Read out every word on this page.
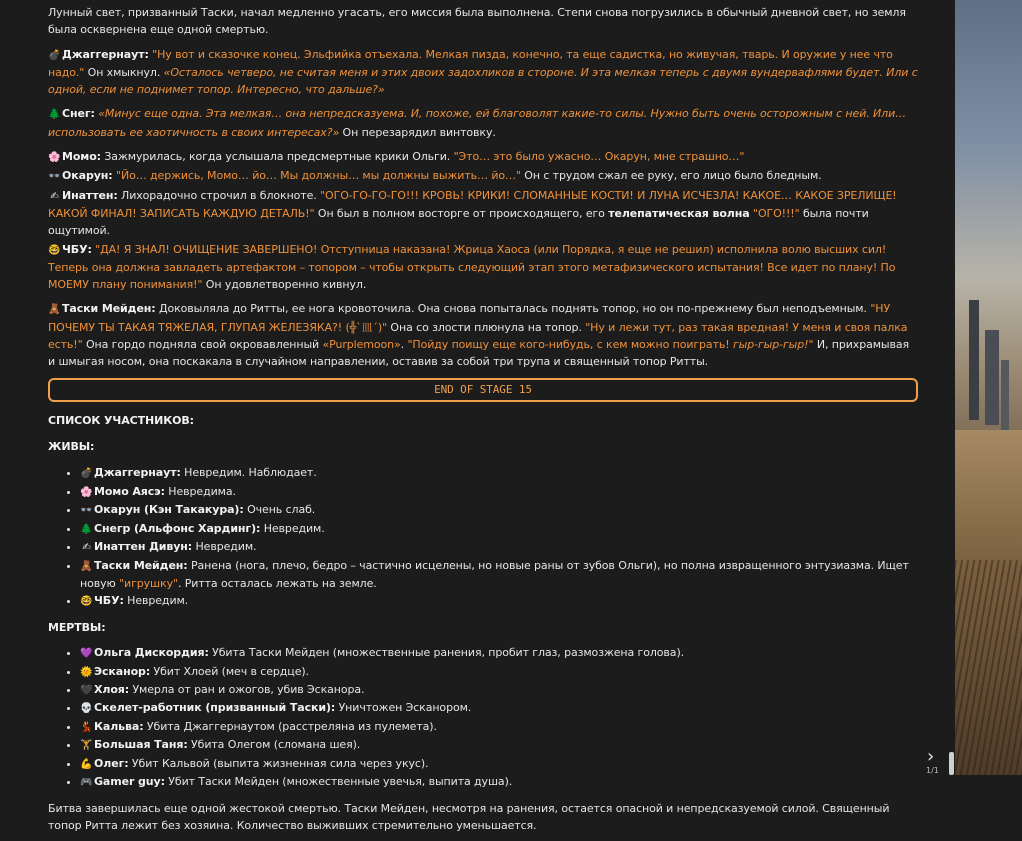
Лунный свет, призванный Таски, начал медленно угасать, его миссия была выполнена. Степи снова погрузились в обычный дневной свет, но земля была осквернена еще одной смертью.

💣Джаггернаут: "Ну вот и сказочке конец. Эльфийка отъехала. Мелкая пизда, конечно, та еще садистка, но живучая, тварь. И оружие у нее что надо." Он хмыкнул. «Осталось четверо, не считая меня и этих двоих задохликов в стороне. И эта мелкая теперь с двумя вундервафлями будет. Или с одной, если не поднимет топор. Интересно, что дальше?»

🌲Снег: «Минус еще одна. Эта мелкая… она непредсказуема. И, похоже, ей благоволят какие-то силы. Нужно быть очень осторожным с ней. Или… использовать ее хаотичность в своих интересах?» Он перезарядил винтовку.

🌸Момо: Зажмурилась, когда услышала предсмертные крики Ольги. "Это… это было ужасно… Окарун, мне страшно…"
👓Окарун: "Йо… держись, Момо… йо… Мы должны… мы должны выжить… йо…" Он с трудом сжал ее руку, его лицо было бледным.
✍ Инаттен: Лихорадочно строчил в блокноте. "ОГО-ГО-ГО-ГО!!! КРОВЬ! КРИКИ! СЛОМАННЫЕ КОСТИ! И ЛУНА ИСЧЕЗЛА! КАКОЕ… КАКОЕ ЗРЕЛИЩЕ! КАКОЙ ФИНАЛ! ЗАПИСАТЬ КАЖДУЮ ДЕТАЛЬ!" Он был в полном восторге от происходящего, его телепатическая волна "ОГО!!!" была почти ощутимой.

🤓ЧБУ: "ДА! Я ЗНАЛ! ОЧИЩЕНИЕ ЗАВЕРШЕНО! Отступница наказана! Жрица Хаоса (или Порядка, я еще не решил) исполнила волю высших сил! Теперь она должна завладеть артефактом – топором – чтобы открыть следующий этап этого метафизического испытания! Все идет по плану! По МОЕМУ плану понимания!" Он удовлетворенно кивнул.

🧸Таски Мейден: Доковыляла до Ритты, ее нога кровоточила. Она снова попыталась поднять топор, но он по-прежнему был неподъемным. "НУ ПОЧЕМУ ТЫ ТАКАЯ ТЯЖЕЛАЯ, ГЛУПАЯ ЖЕЛЕЗЯКА?! (╬`皿´)" Она со злости плюнула на топор. "Ну и лежи тут, раз такая вредная! У меня и своя палка есть!" Она гордо подняла свой окровавленный «Purplemoon». "Пойду поищу еще кого-нибудь, с кем можно поиграть! гыр-гыр-гыр!" И, прихрамывая и шмыгая носом, она поскакала в случайном направлении, оставив за собой три трупа и священный топор Ритты.

END OF STAGE 15
СПИСОК УЧАСТНИКОВ:
ЖИВЫ:
• 💣Джаггернаут: Невредим. Наблюдает.
• 🌸Момо Аясэ: Невредима.
• 👓Окарун (Кэн Такакура): Очень слаб.
• 🌲Снегр (Альфонс Хардинг): Невредим.
• ✍ Инаттен Дивун: Невредим.
• 🧸Таски Мейден: Ранена (нога, плечо, бедро – частично исцелены, но новые раны от зубов Ольги), но полна извращенного энтузиазма. Ищет новую "игрушку". Ритта осталась лежать на земле.
• 🤓ЧБУ: Невредим.
МЕРТВЫ:
• 💜Ольга Дискордия: Убита Таски Мейден (множественные ранения, пробит глаз, размозжена голова).
• 🌞Эсканор: Убит Хлоей (меч в сердце).
• 🖤Хлоя: Умерла от ран и ожогов, убив Эсканора.
• 💀Скелет-работник (призванный Таски): Уничтожен Эсканором.
• 💃Кальва: Убита Джаггернаутом (расстреляна из пулемета).
• 🏋Большая Таня: Убита Олегом (сломана шея).
• 💪Олег: Убит Кальвой (выпита жизненная сила через укус).
• 🎮Gamer guy: Убит Таски Мейден (множественные увечья, выпита душа).

Битва завершилась еще одной жестокой смертью. Таски Мейден, несмотря на ранения, остается опасной и непредсказуемой силой. Священный топор Ритта лежит без хозяина. Количество выживших стремительно уменьшается.

›
1/1
